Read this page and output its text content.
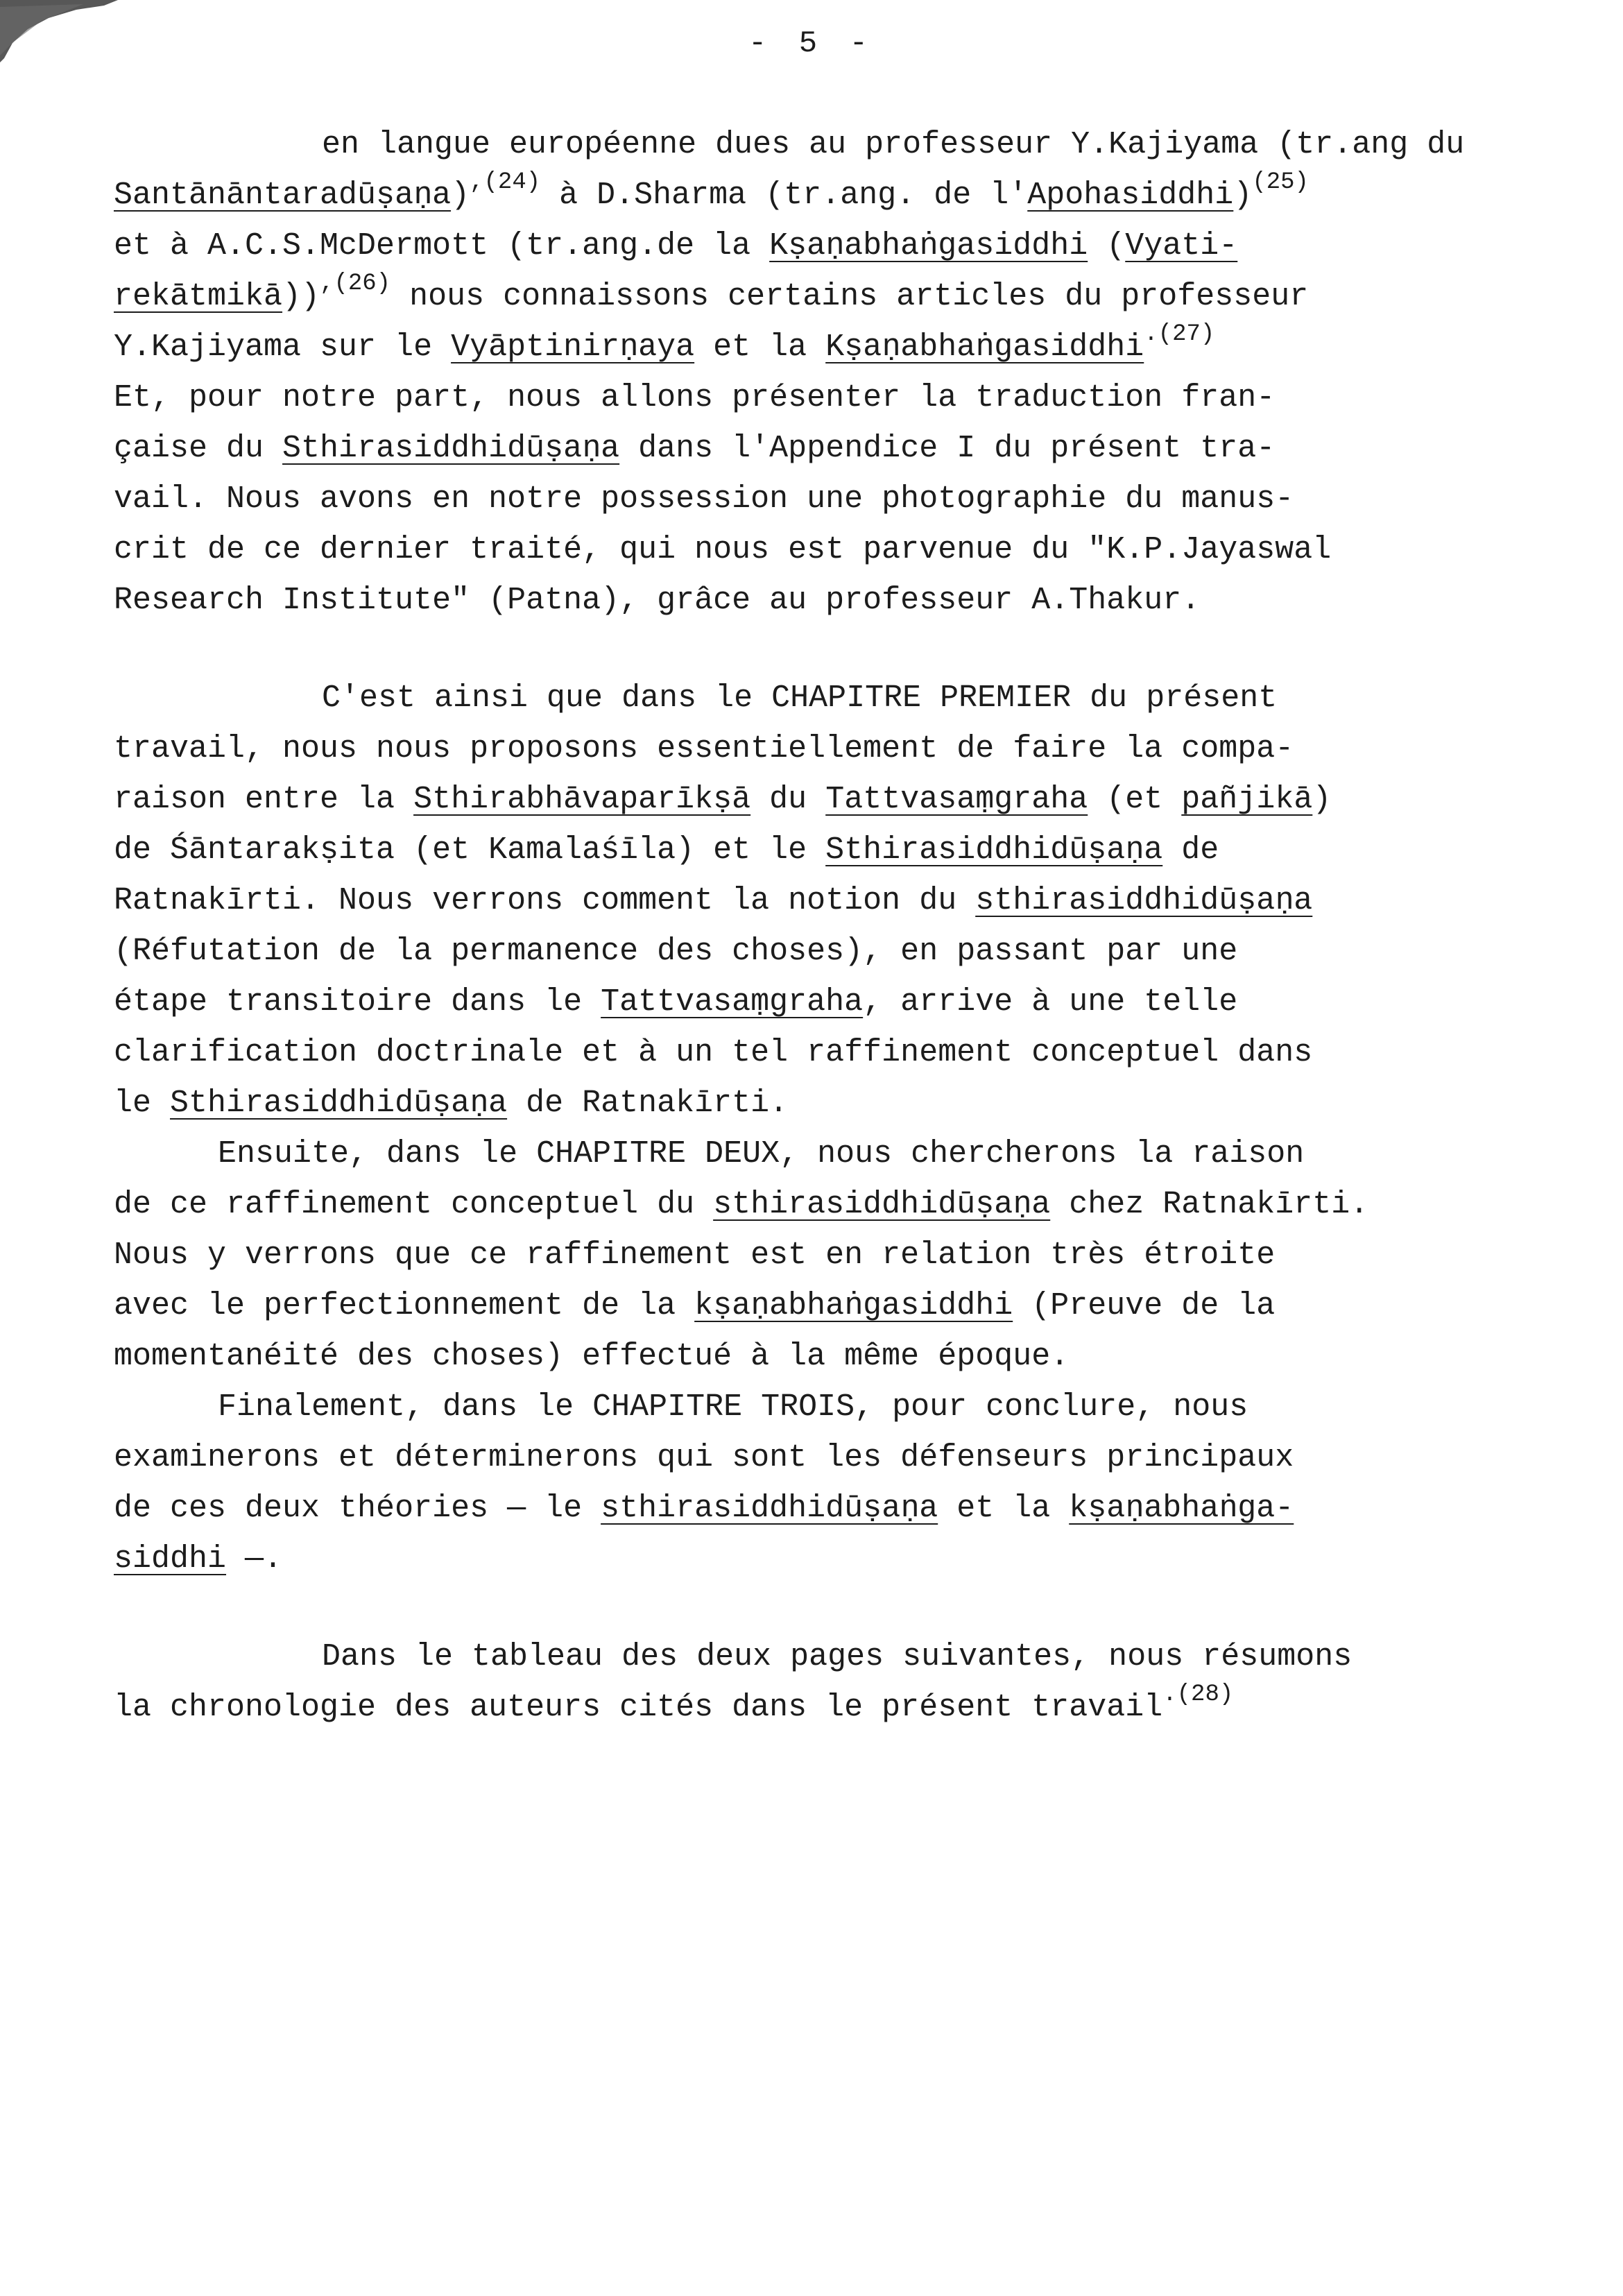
- 5 -
en langue européenne dues au professeur Y.Kajiyama (tr.ang du
Santānāntaradūṣaṇa)$^{,(24)}$ à D.Sharma (tr.ang. de l'Apohasiddhi)$^{(25)}$
et à A.C.S.McDermott (tr.ang.de la Kṣaṇabhaṅgasiddhi (Vyati-
rekātmikā))$^{,(26)}$ nous connaissons certains articles du professeur
Y.Kajiyama sur le Vyāptinirṇaya et la Kṣaṇabhaṅgasiddhi$^{.(27)}$
Et, pour notre part, nous allons présenter la traduction fran-
çaise du Sthirasiddhidūṣaṇa dans l'Appendice I du présent tra-
vail. Nous avons en notre possession une photographie du manus-
crit de ce dernier traité, qui nous est parvenue du "K.P.Jayaswal
Research Institute" (Patna), grâce au professeur A.Thakur.
C'est ainsi que dans le CHAPITRE PREMIER du présent
travail, nous nous proposons essentiellement de faire la compa-
raison entre la Sthirabhāvaparīkṣā du Tattvasaṃgraha (et pañjikā)
de Śāntarakṣita (et Kamalaśīla) et le Sthirasiddhidūṣaṇa de
Ratnakīrti. Nous verrons comment la notion du sthirasiddhidūṣaṇa
(Réfutation de la permanence des choses), en passant par une
étape transitoire dans le Tattvasaṃgraha, arrive à une telle
clarification doctrinale et à un tel raffinement conceptuel dans
le Sthirasiddhidūṣaṇa de Ratnakīrti.
Ensuite, dans le CHAPITRE DEUX, nous chercherons la raison
de ce raffinement conceptuel du sthirasiddhidūṣaṇa chez Ratnakīrti.
Nous y verrons que ce raffinement est en relation très étroite
avec le perfectionnement de la kṣaṇabhaṅgasiddhi (Preuve de la
momentanéité des choses) effectué à la même époque.
Finalement, dans le CHAPITRE TROIS, pour conclure, nous
examinerons et déterminerons qui sont les défenseurs principaux
de ces deux théories — le sthirasiddhidūṣaṇa et la kṣaṇabhaṅga-
siddhi —.
Dans le tableau des deux pages suivantes, nous résumons
la chronologie des auteurs cités dans le présent travail$^{.(28)}$
